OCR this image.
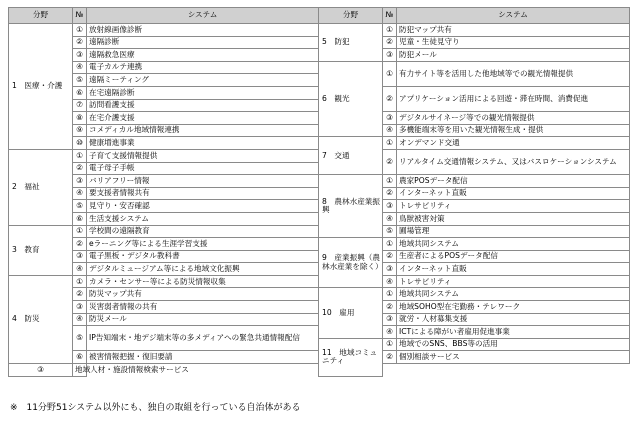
分野	№	システム	分野	№	システム
1　医療・介護	①	放射線画像診断	5　防犯	①	防犯マップ共有
	②	遠隔診断		②	児童・生徒見守り
	③	遠隔救急医療		③	防犯メール
	④	電子カルテ連携	6　観光	①	有力サイト等を活用した他地域等での観光情報提供
	⑤	遠隔ミーティング			
	⑥	在宅遠隔診断		②	アプリケーション活用による回遊・滞在時間、消費促進
	⑦	訪問看護支援			
	⑧	在宅介護支援		③	デジタルサイネージ等での観光情報提供
	⑨	コメディカル地域情報連携		④	多機能端末等を用いた観光情報生成・提供
	⑩	健康増進事業	7　交通	①	オンデマンド交通
2　福祉	①	子育て支援情報提供		②	リアルタイム交通情報システム、又はバスロケーションシステム
	②	電子母子手帳			
	③	バリアフリー情報	8　農林水産業振興	①	農家POSデータ配信
	④	要支援者情報共有		②	インターネット直販
	⑤	見守り・安否確認		③	トレサビリティ
	⑥	生活支援システム		④	鳥獣被害対策
3　教育	①	学校間の遠隔教育		⑤	圃場管理
	②	eラーニング等による生涯学習支援	9　産業振興（農林水産業を除く）	①	地域共同システム
	③	電子黒板・デジタル教科書		②	生産者によるPOSデータ配信
	④	デジタルミュージアム等による地域文化振興		③	インターネット直販
4　防災	①	カメラ・センサー等による防災情報収集		④	トレサビリティ
	②	防災マップ共有	10　雇用	①	地域共同システム
	③	災害弱者情報の共有		②	地域SOHO型在宅勤務・テレワーク
	④	防災メール		③	就労・人材募集支援
	⑤	IP告知端末・地デジ端末等の多メディアへの緊急共通情報配信		④	ICTによる障がい者雇用促進事業
			11　地域コミュニティ	①	地域でのSNS、BBS等の活用
	⑥	被害情報把握・復旧要請		②	個別相談サービス
③	地域人材・施設情報検索サービス				
※　11分野51システム以外にも、独自の取組を行っている自治体がある
